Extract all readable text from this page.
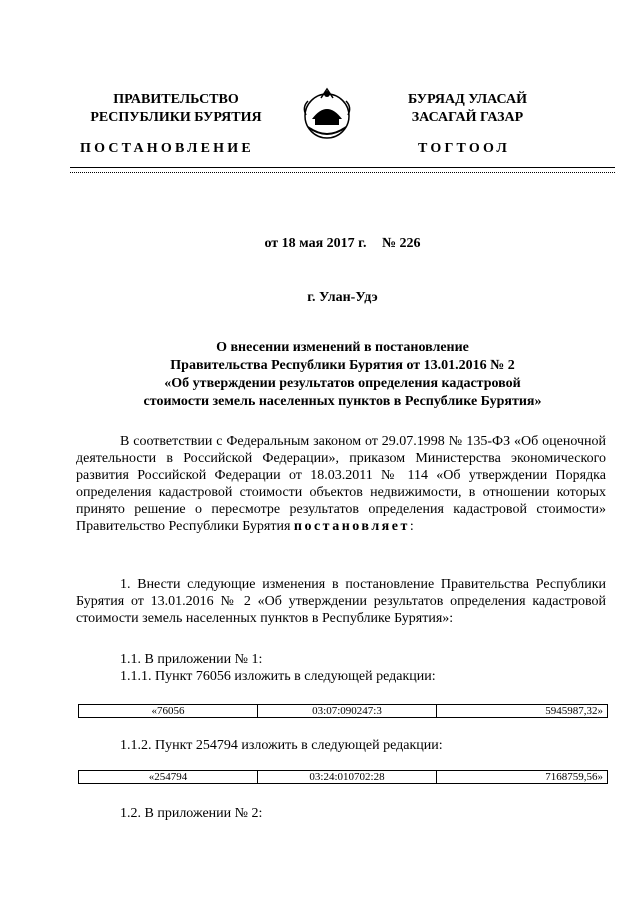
ПРАВИТЕЛЬСТВО
РЕСПУБЛИКИ БУРЯТИЯ
БУРЯАД УЛАСАЙ
ЗАСАГАЙ ГАЗАР
ПОСТАНОВЛЕНИЕ	ТОГТООЛ
от 18 мая 2017 г. № 226
г. Улан-Удэ
О внесении изменений в постановление
Правительства Республики Бурятия от 13.01.2016 № 2
«Об утверждении результатов определения кадастровой
стоимости земель населенных пунктов в Республике Бурятия»
В соответствии с Федеральным законом от 29.07.1998 № 135-ФЗ «Об оценочной деятельности в Российской Федерации», приказом Министерства экономического развития Российской Федерации от 18.03.2011 № 114 «Об утверждении Порядка определения кадастровой стоимости объектов недвижимости, в отношении которых принято решение о пересмотре результатов определения кадастровой стоимости» Правительство Республики Бурятия постановляет:
1. Внести следующие изменения в постановление Правительства Республики Бурятия от 13.01.2016 № 2 «Об утверждении результатов определения кадастровой стоимости земель населенных пунктов в Республике Бурятия»:
1.1. В приложении № 1:
1.1.1. Пункт 76056 изложить в следующей редакции:
«76056	03:07:090247:3	5945987,32»
1.1.2. Пункт 254794 изложить в следующей редакции:
«254794	03:24:010702:28	7168759,56»
1.2. В приложении № 2:
